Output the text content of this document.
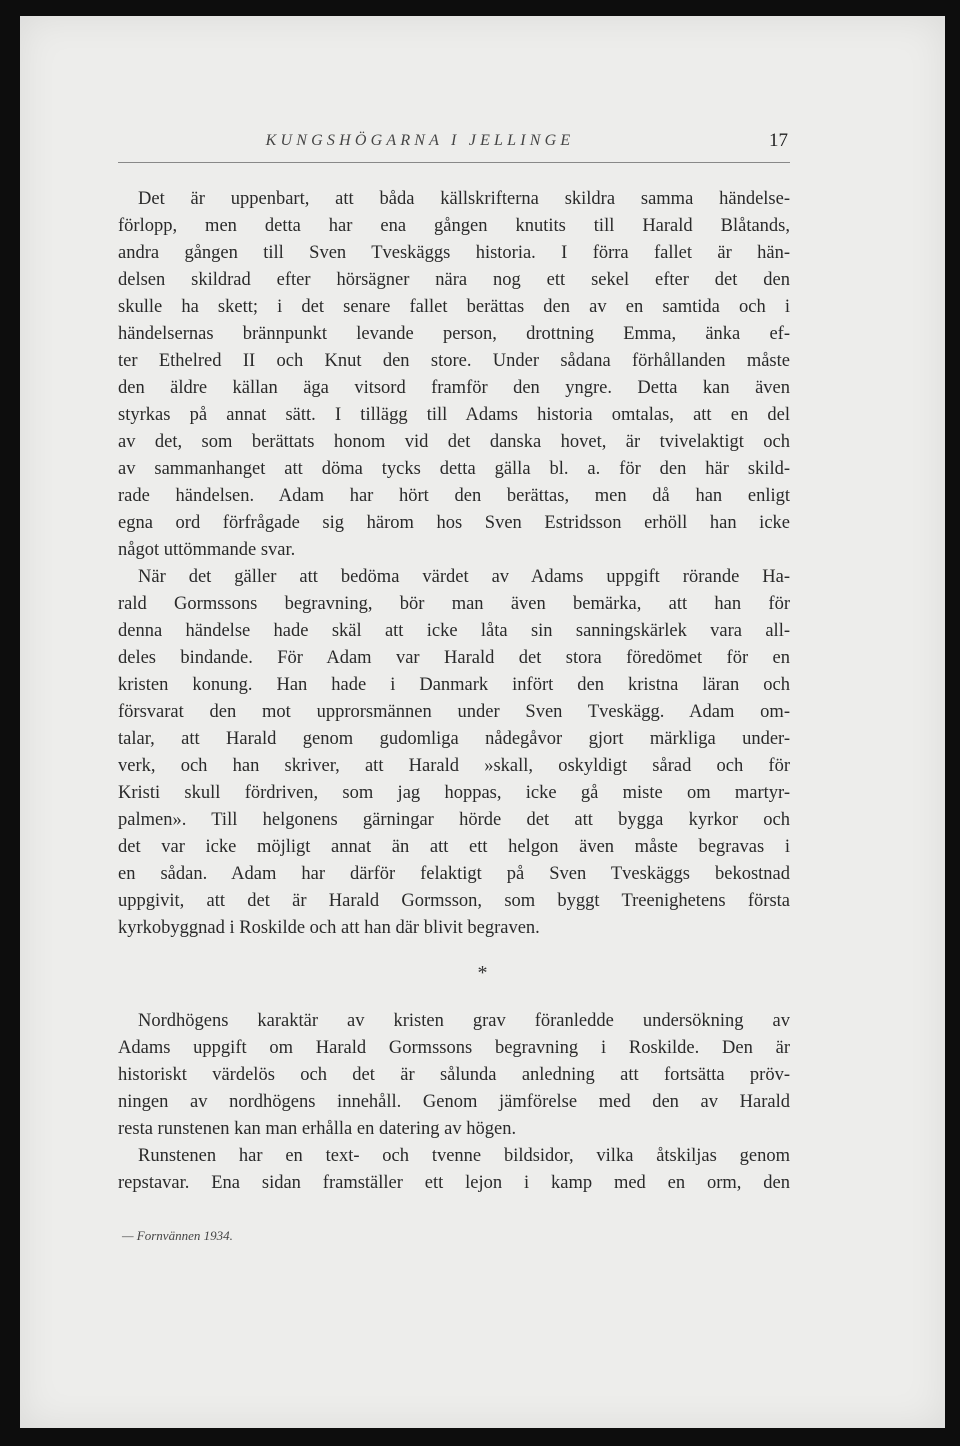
KUNGSHÖGARNA I JELLINGE	17
Det är uppenbart, att båda källskrifterna skildra samma händelse-
förlopp, men detta har ena gången knutits till Harald Blåtands,
andra gången till Sven Tveskäggs historia. I förra fallet är hän-
delsen skildrad efter hörsägner nära nog ett sekel efter det den
skulle ha skett; i det senare fallet berättas den av en samtida och i
händelsernas brännpunkt levande person, drottning Emma, änka ef-
ter Ethelred II och Knut den store. Under sådana förhållanden måste
den äldre källan äga vitsord framför den yngre. Detta kan även
styrkas på annat sätt. I tillägg till Adams historia omtalas, att en del
av det, som berättats honom vid det danska hovet, är tvivelaktigt och
av sammanhanget att döma tycks detta gälla bl. a. för den här skild-
rade händelsen. Adam har hört den berättas, men då han enligt
egna ord förfrågade sig härom hos Sven Estridsson erhöll han icke
något uttömmande svar.
När det gäller att bedöma värdet av Adams uppgift rörande Ha-
rald Gormssons begravning, bör man även bemärka, att han för
denna händelse hade skäl att icke låta sin sanningskärlek vara all-
deles bindande. För Adam var Harald det stora föredömet för en
kristen konung. Han hade i Danmark infört den kristna läran och
försvarat den mot upprorsmännen under Sven Tveskägg. Adam om-
talar, att Harald genom gudomliga nådegåvor gjort märkliga under-
verk, och han skriver, att Harald »skall, oskyldigt sårad och för
Kristi skull fördriven, som jag hoppas, icke gå miste om martyr-
palmen». Till helgonens gärningar hörde det att bygga kyrkor och
det var icke möjligt annat än att ett helgon även måste begravas i
en sådan. Adam har därför felaktigt på Sven Tveskäggs bekostnad
uppgivit, att det är Harald Gormsson, som byggt Treenighetens första
kyrkobyggnad i Roskilde och att han där blivit begraven.
*
Nordhögens karaktär av kristen grav föranledde undersökning av
Adams uppgift om Harald Gormssons begravning i Roskilde. Den är
historiskt värdelös och det är sålunda anledning att fortsätta pröv-
ningen av nordhögens innehåll. Genom jämförelse med den av Harald
resta runstenen kan man erhålla en datering av högen.
Runstenen har en text- och tvenne bildsidor, vilka åtskiljas genom
repstavar. Ena sidan framställer ett lejon i kamp med en orm, den
— Fornvännen 1934.
